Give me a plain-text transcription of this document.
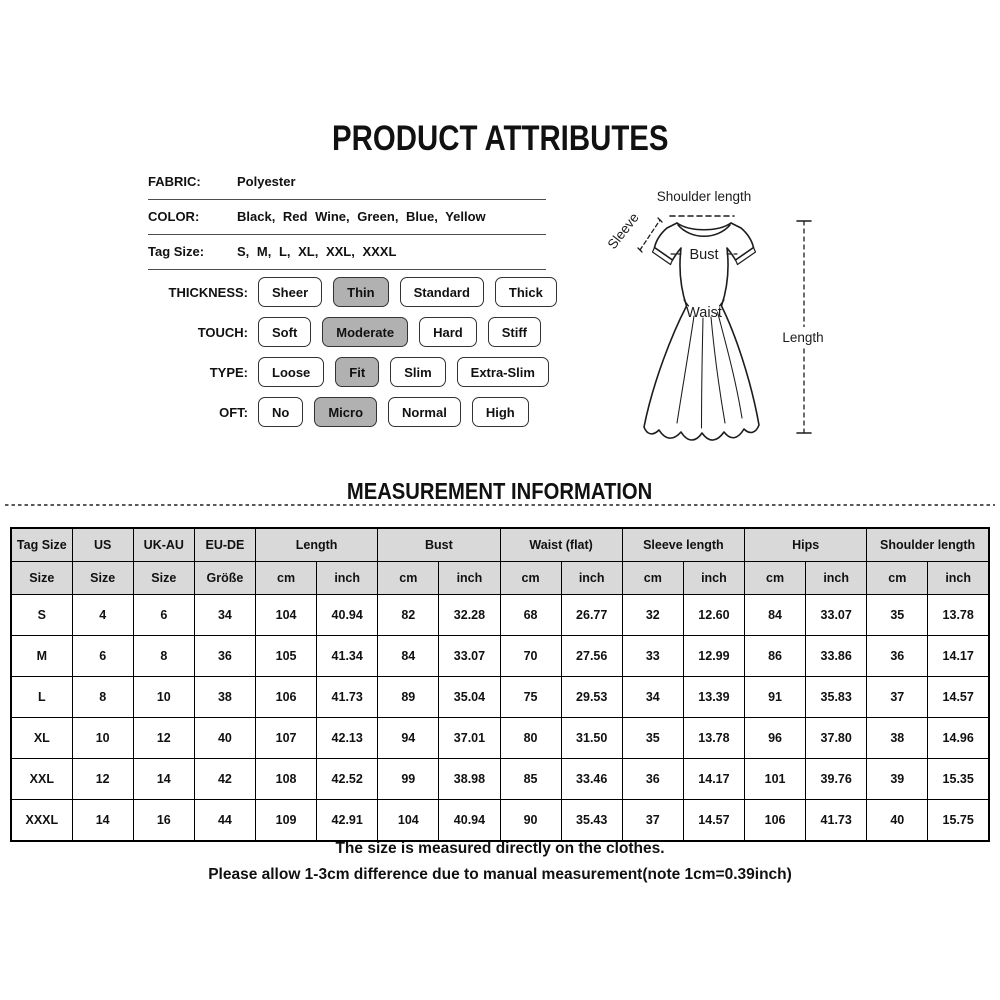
PRODUCT ATTRIBUTES
FABRIC:	Polyester
COLOR:	Black, Red Wine, Green, Blue, Yellow
Tag Size:	S, M, L, XL, XXL, XXXL
THICKNESS:	Sheer	Thin	Standard	Thick
TOUCH:	Soft	Moderate	Hard	Stiff
TYPE:	Loose	Fit	Slim	Extra-Slim
OFT:	No	Micro	Normal	High
Shoulder length
Sleeve
Bust
Waist
Length
MEASUREMENT INFORMATION
Tag Size	US	UK-AU	EU-DE	Length		Bust		Waist (flat)		Sleeve length		Hips		Shoulder length	
Size	Size	Size	Größe	cm	inch	cm	inch	cm	inch	cm	inch	cm	inch	cm	inch
S	4	6	34	104	40.94	82	32.28	68	26.77	32	12.60	84	33.07	35	13.78
M	6	8	36	105	41.34	84	33.07	70	27.56	33	12.99	86	33.86	36	14.17
L	8	10	38	106	41.73	89	35.04	75	29.53	34	13.39	91	35.83	37	14.57
XL	10	12	40	107	42.13	94	37.01	80	31.50	35	13.78	96	37.80	38	14.96
XXL	12	14	42	108	42.52	99	38.98	85	33.46	36	14.17	101	39.76	39	15.35
XXXL	14	16	44	109	42.91	104	40.94	90	35.43	37	14.57	106	41.73	40	15.75
The size is measured directly on the clothes.
Please allow 1-3cm difference due to manual measurement(note 1cm=0.39inch)
